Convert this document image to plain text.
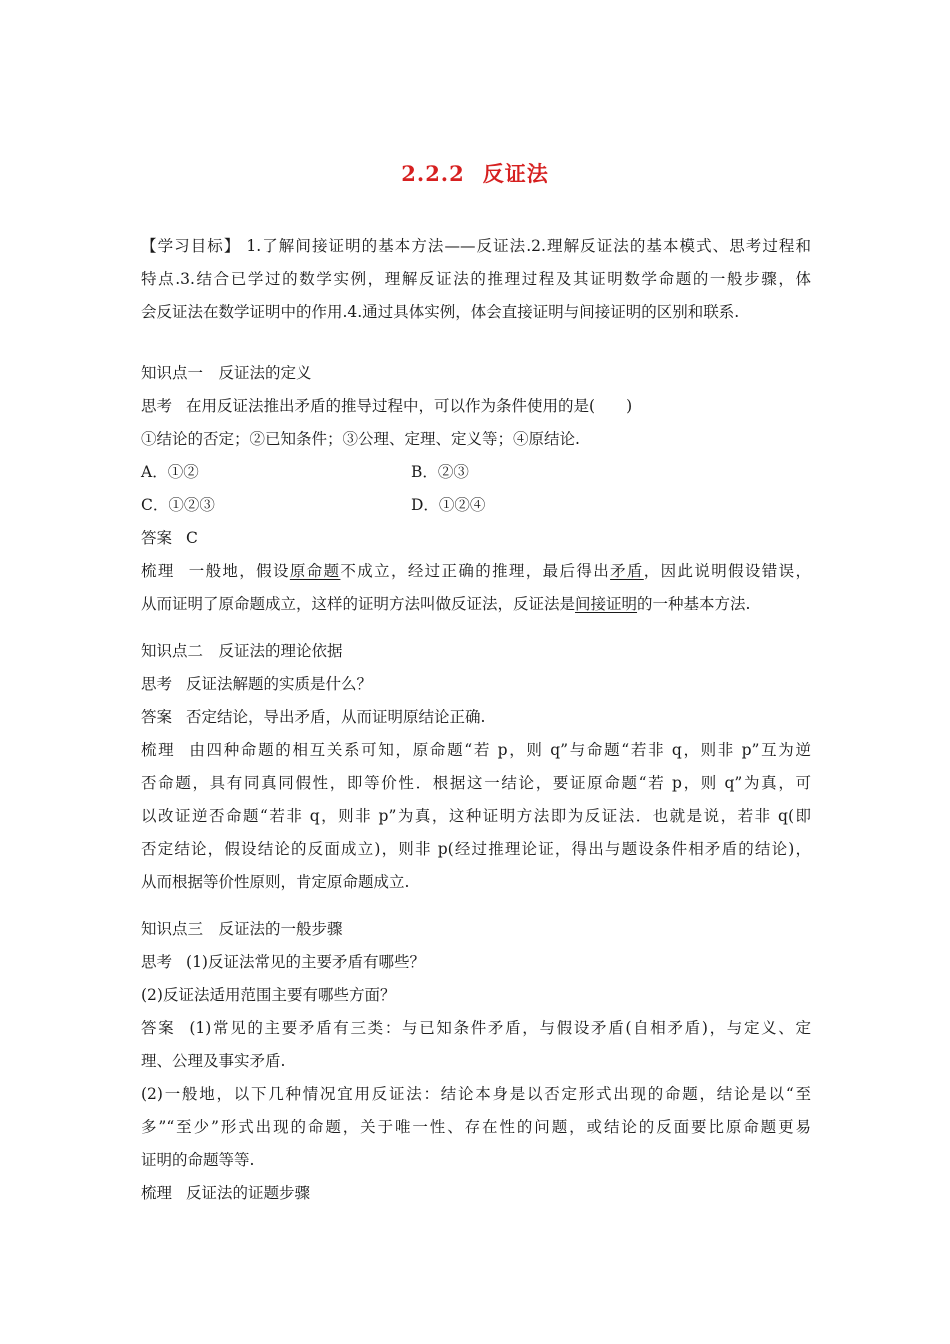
2.2.2 反证法
【学习目标】 1.了解间接证明的基本方法——反证法.2.理解反证法的基本模式、思考过程和
特点.3.结合已学过的数学实例，理解反证法的推理过程及其证明数学命题的一般步骤，体
会反证法在数学证明中的作用.4.通过具体实例，体会直接证明与间接证明的区别和联系.
知识点一　反证法的定义
思考 在用反证法推出矛盾的推导过程中，可以作为条件使用的是(　　)
①结论的否定；②已知条件；③公理、定理、定义等；④原结论.
A．①②	B．②③
C．①②③	D．①②④
答案 C
梳理 一般地，假设原命题不成立，经过正确的推理，最后得出矛盾，因此说明假设错误，
从而证明了原命题成立，这样的证明方法叫做反证法，反证法是间接证明的一种基本方法.
知识点二　反证法的理论依据
思考 反证法解题的实质是什么？
答案 否定结论，导出矛盾，从而证明原结论正确.
梳理 由四种命题的相互关系可知，原命题“若 p，则 q”与命题“若非 q，则非 p”互为逆
否命题，具有同真同假性，即等价性．根据这一结论，要证原命题“若 p，则 q”为真，可
以改证逆否命题“若非 q，则非 p”为真，这种证明方法即为反证法．也就是说，若非 q(即
否定结论，假设结论的反面成立)，则非 p(经过推理论证，得出与题设条件相矛盾的结论)，
从而根据等价性原则，肯定原命题成立.
知识点三　反证法的一般步骤
思考 (1)反证法常见的主要矛盾有哪些？
(2)反证法适用范围主要有哪些方面？
答案 (1)常见的主要矛盾有三类：与已知条件矛盾，与假设矛盾(自相矛盾)，与定义、定
理、公理及事实矛盾.
(2)一般地，以下几种情况宜用反证法：结论本身是以否定形式出现的命题，结论是以“至
多”“至少”形式出现的命题，关于唯一性、存在性的问题，或结论的反面要比原命题更易
证明的命题等等.
梳理 反证法的证题步骤
